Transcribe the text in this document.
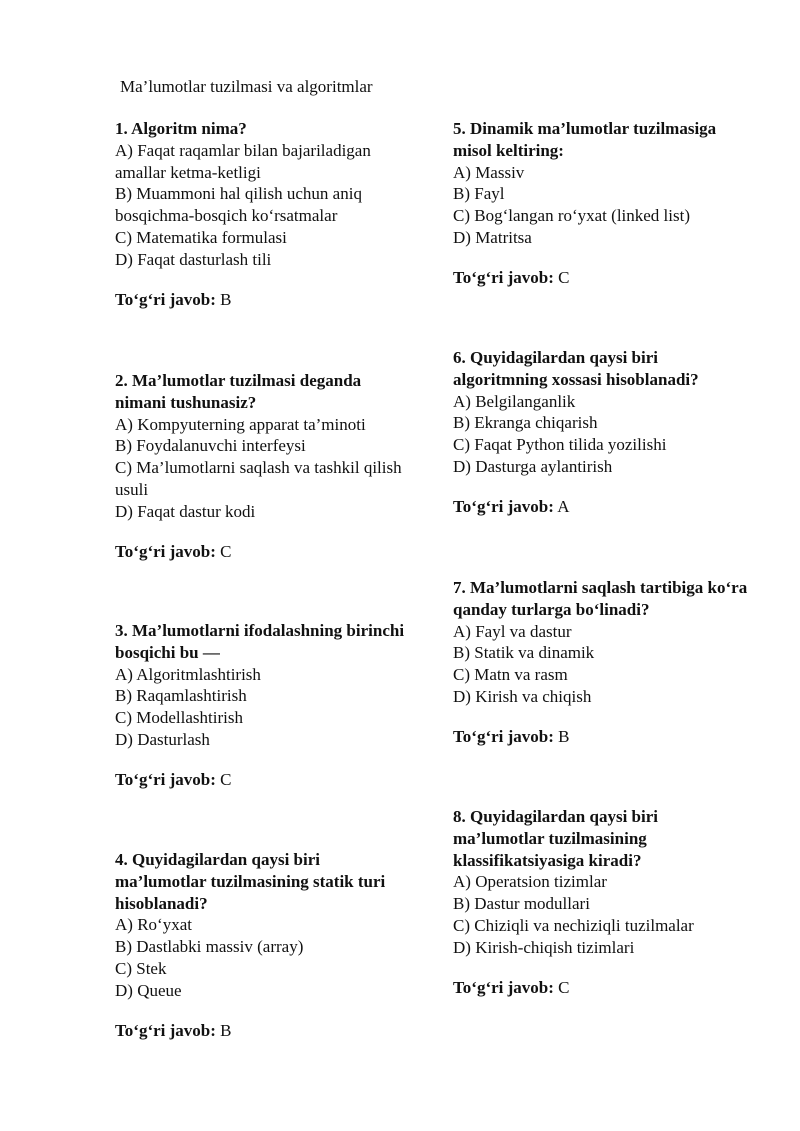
Ma’lumotlar tuzilmasi va algoritmlar
1. Algoritm nima?
A) Faqat raqamlar bilan bajariladigan amallar ketma-ketligi
B) Muammoni hal qilish uchun aniq bosqichma-bosqich ko‘rsatmalar
C) Matematika formulasi
D) Faqat dasturlash tili
To‘g‘ri javob: B
2. Ma’lumotlar tuzilmasi deganda nimani tushunasiz?
A) Kompyuterning apparat ta’minoti
B) Foydalanuvchi interfeysi
C) Ma’lumotlarni saqlash va tashkil qilish usuli
D) Faqat dastur kodi
To‘g‘ri javob: C
3. Ma’lumotlarni ifodalashning birinchi bosqichi bu —
A) Algoritmlashtirish
B) Raqamlashtirish
C) Modellashtirish
D) Dasturlash
To‘g‘ri javob: C
4. Quyidagilardan qaysi biri ma’lumotlar tuzilmasining statik turi hisoblanadi?
A) Ro‘yxat
B) Dastlabki massiv (array)
C) Stek
D) Queue
To‘g‘ri javob: B
5. Dinamik ma’lumotlar tuzilmasiga misol keltiring:
A) Massiv
B) Fayl
C) Bog‘langan ro‘yxat (linked list)
D) Matritsa
To‘g‘ri javob: C
6. Quyidagilardan qaysi biri algoritmning xossasi hisoblanadi?
A) Belgilanganlik
B) Ekranga chiqarish
C) Faqat Python tilida yozilishi
D) Dasturga aylantirish
To‘g‘ri javob: A
7. Ma’lumotlarni saqlash tartibiga ko‘ra qanday turlarga bo‘linadi?
A) Fayl va dastur
B) Statik va dinamik
C) Matn va rasm
D) Kirish va chiqish
To‘g‘ri javob: B
8. Quyidagilardan qaysi biri ma’lumotlar tuzilmasining klassifikatsiyasiga kiradi?
A) Operatsion tizimlar
B) Dastur modullari
C) Chiziqli va nechiziqli tuzilmalar
D) Kirish-chiqish tizimlari
To‘g‘ri javob: C
